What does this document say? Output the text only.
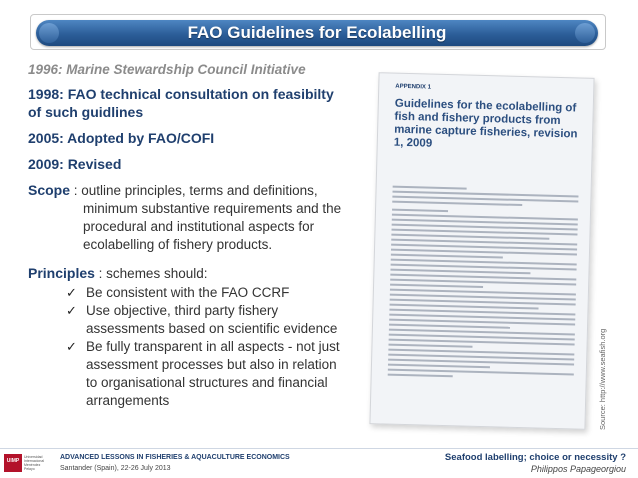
FAO Guidelines for Ecolabelling
1996: Marine Stewardship Council Initiative
1998: FAO technical consultation on feasibilty
of such guidlines
2005: Adopted by FAO/COFI
2009: Revised
Scope : outline principles, terms and definitions,
minimum substantive requirements and the
procedural and institutional aspects for
ecolabelling of fishery products.
Principles : schemes should:
✓ Be consistent with the FAO CCRF
✓ Use objective, third party fishery
assessments based on scientific evidence
✓ Be fully transparent in all aspects - not just
assessment processes but also in relation
to organisational structures and financial
arrangements
APPENDIX 1
Guidelines for the ecolabelling of fish and fishery products from marine capture fisheries, revision 1, 2009
Source: http://www.seafish.org
UIMP
Universidad Internacional Menéndez Pelayo
ADVANCED LESSONS IN FISHERIES & AQUACULTURE ECONOMICS
Santander (Spain), 22-26 July 2013
Seafood labelling; choice or necessity ?
Philippos Papageorgiou
